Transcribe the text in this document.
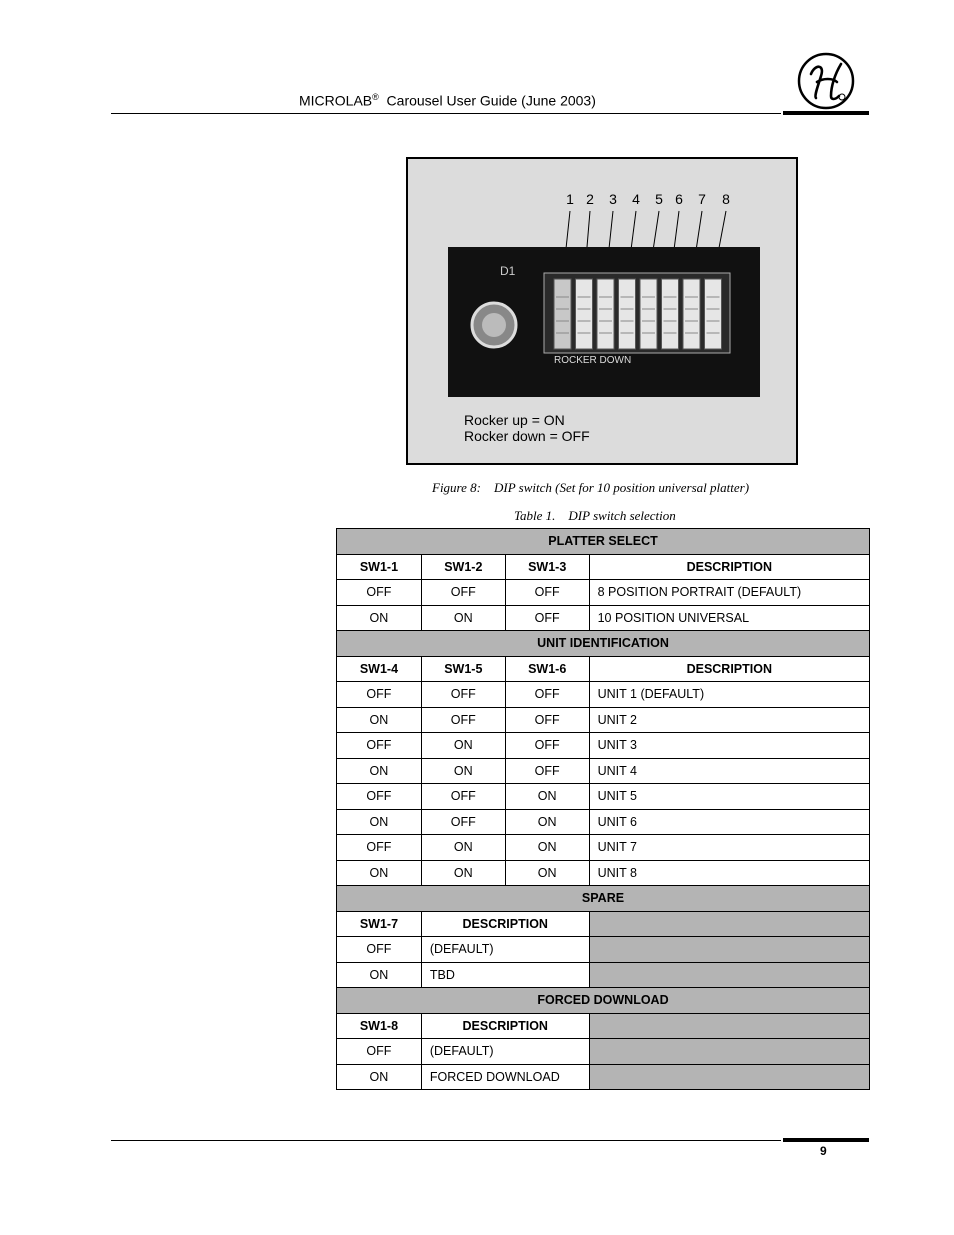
MICROLAB® Carousel User Guide (June 2003)
1 2 3 4 5 6 7 8
D1
ROCKER DOWN
Rocker up = ON
Rocker down = OFF
Figure 8: DIP switch (Set for 10 position universal platter)
Table 1. DIP switch selection
PLATTER SELECT			
SW1-1	SW1-2	SW1-3	DESCRIPTION
OFF	OFF	OFF	8 POSITION PORTRAIT (DEFAULT)
ON	ON	OFF	10 POSITION UNIVERSAL
UNIT IDENTIFICATION			
SW1-4	SW1-5	SW1-6	DESCRIPTION
OFF	OFF	OFF	UNIT 1 (DEFAULT)
ON	OFF	OFF	UNIT 2
OFF	ON	OFF	UNIT 3
ON	ON	OFF	UNIT 4
OFF	OFF	ON	UNIT 5
ON	OFF	ON	UNIT 6
OFF	ON	ON	UNIT 7
ON	ON	ON	UNIT 8
SPARE			
SW1-7	DESCRIPTION		
OFF	(DEFAULT)		
ON	TBD		
FORCED DOWNLOAD			
SW1-8	DESCRIPTION		
OFF	(DEFAULT)		
ON	FORCED DOWNLOAD		
9
